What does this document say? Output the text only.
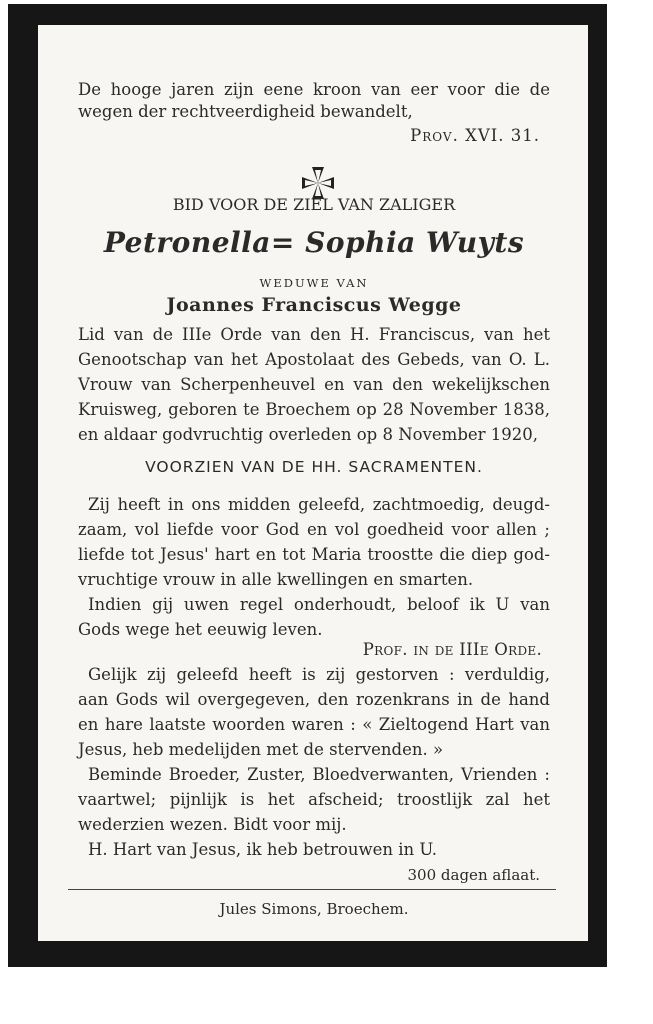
De hooge jaren zijn eene kroon van eer voor die de
wegen der rechtveerdigheid bewandelt,
Prov. XVI. 31.
BID VOOR DE ZIEL VAN ZALIGER
Petronella= Sophia Wuyts
WEDUWE VAN
Joannes Franciscus Wegge
Lid van de IIIe Orde van den H. Franciscus, van het
Genootschap van het Apostolaat des Gebeds, van O. L.
Vrouw van Scherpenheuvel en van den wekelijkschen
Kruisweg, geboren te Broechem op 28 November 1838,
en aldaar godvruchtig overleden op 8 November 1920,
VOORZIEN VAN DE HH. SACRAMENTEN.
Zij heeft in ons midden geleefd, zachtmoedig, deugd-
zaam, vol liefde voor God en vol goedheid voor allen ;
liefde tot Jesus' hart en tot Maria troostte die diep god-
vruchtige vrouw in alle kwellingen en smarten.
Indien gij uwen regel onderhoudt, beloof ik U van
Gods wege het eeuwig leven.
Prof. in de IIIe Orde.
Gelijk zij geleefd heeft is zij gestorven : verduldig,
aan Gods wil overgegeven, den rozenkrans in de hand
en hare laatste woorden waren : « Zieltogend Hart van
Jesus, heb medelijden met de stervenden. »
Beminde Broeder, Zuster, Bloedverwanten, Vrienden :
vaartwel; pijnlijk is het afscheid; troostlijk zal het
wederzien wezen. Bidt voor mij.
H. Hart van Jesus, ik heb betrouwen in U.
300 dagen aflaat.
Jules Simons, Broechem.
